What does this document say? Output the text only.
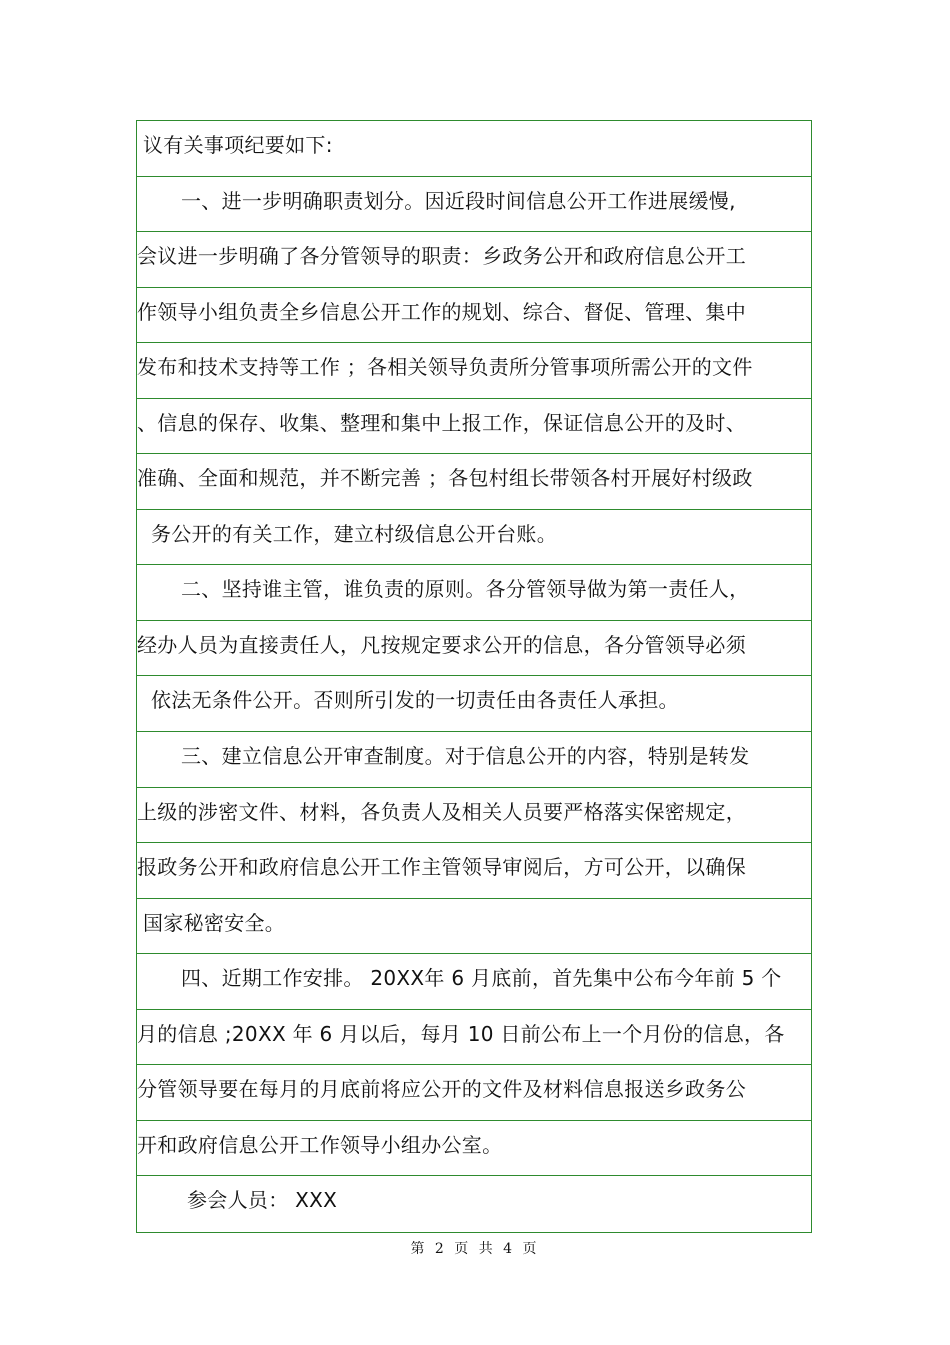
议有关事项纪要如下:
一、进一步明确职责划分。因近段时间信息公开工作进展缓慢,
会议进一步明确了各分管领导的职责：乡政务公开和政府信息公开工
作领导小组负责全乡信息公开工作的规划、综合、督促、管理、集中
发布和技术支持等工作 ；各相关领导负责所分管事项所需公开的文件
、信息的保存、收集、整理和集中上报工作，保证信息公开的及时、
准确、全面和规范，并不断完善 ；各包村组长带领各村开展好村级政
务公开的有关工作，建立村级信息公开台账。
二、坚持谁主管，谁负责的原则。各分管领导做为第一责任人，
经办人员为直接责任人，凡按规定要求公开的信息，各分管领导必须
依法无条件公开。否则所引发的一切责任由各责任人承担。
三、建立信息公开审查制度。对于信息公开的内容，特别是转发
上级的涉密文件、材料，各负责人及相关人员要严格落实保密规定，
报政务公开和政府信息公开工作主管领导审阅后，方可公开，以确保
国家秘密安全。
四、近期工作安排。 20XX年 6 月底前，首先集中公布今年前 5 个
月的信息 ;20XX 年 6 月以后，每月 10 日前公布上一个月份的信息，各
分管领导要在每月的月底前将应公开的文件及材料信息报送乡政务公
开和政府信息公开工作领导小组办公室。
参会人员： XXX
第 2 页 共 4 页
